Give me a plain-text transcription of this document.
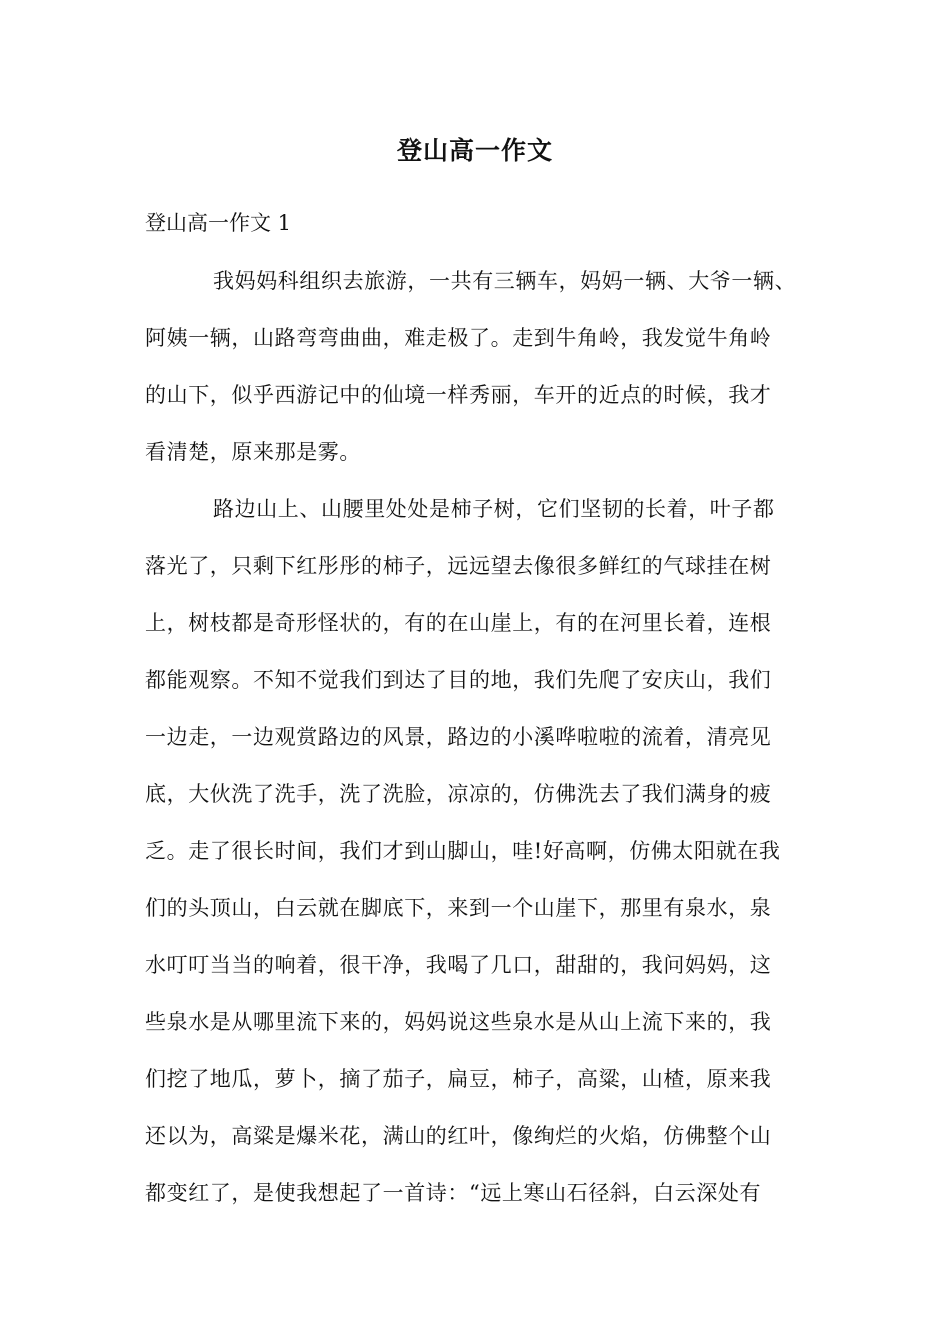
登山高一作文
登山高一作文 1
我妈妈科组织去旅游，一共有三辆车，妈妈一辆、大爷一辆、
阿姨一辆，山路弯弯曲曲，难走极了。走到牛角岭，我发觉牛角岭
的山下，似乎西游记中的仙境一样秀丽，车开的近点的时候，我才
看清楚，原来那是雾。
路边山上、山腰里处处是柿子树，它们坚韧的长着，叶子都
落光了，只剩下红彤彤的柿子，远远望去像很多鲜红的气球挂在树
上，树枝都是奇形怪状的，有的在山崖上，有的在河里长着，连根
都能观察。不知不觉我们到达了目的地，我们先爬了安庆山，我们
一边走，一边观赏路边的风景，路边的小溪哗啦啦的流着，清亮见
底，大伙洗了洗手，洗了洗脸，凉凉的，仿佛洗去了我们满身的疲
乏。走了很长时间，我们才到山脚山，哇!好高啊，仿佛太阳就在我
们的头顶山，白云就在脚底下，来到一个山崖下，那里有泉水，泉
水叮叮当当的响着，很干净，我喝了几口，甜甜的，我问妈妈，这
些泉水是从哪里流下来的，妈妈说这些泉水是从山上流下来的，我
们挖了地瓜，萝卜，摘了茄子，扁豆，柿子，高粱，山楂，原来我
还以为，高粱是爆米花，满山的红叶，像绚烂的火焰，仿佛整个山
都变红了，是使我想起了一首诗：“远上寒山石径斜，白云深处有
